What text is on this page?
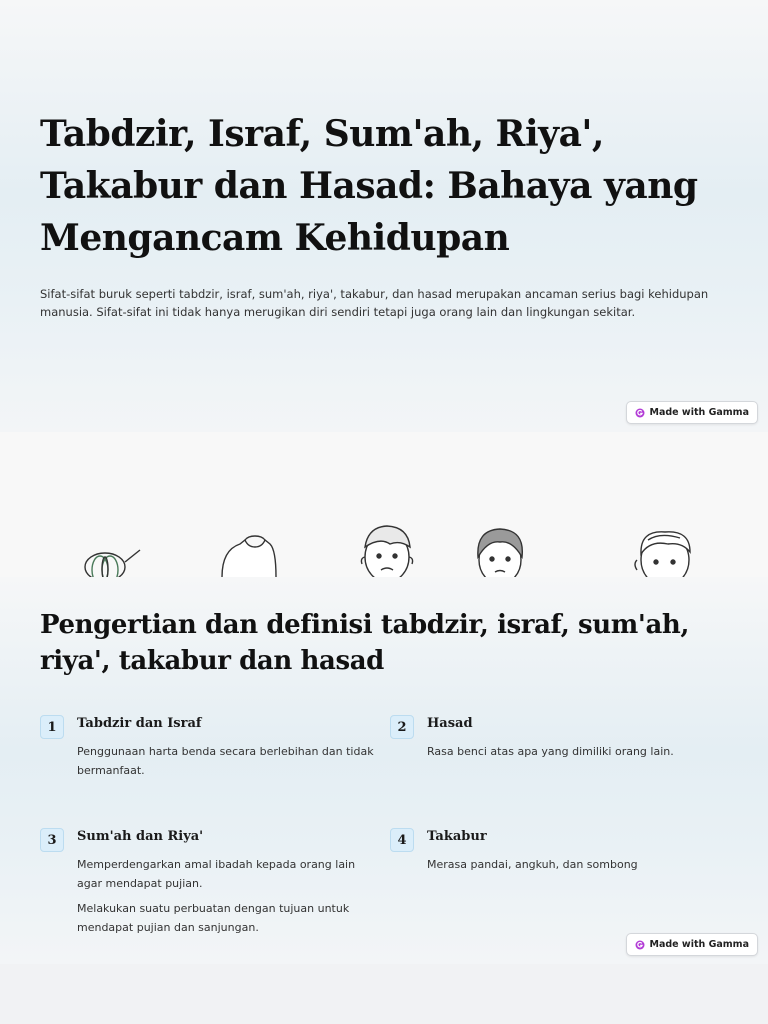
Tabdzir, Israf, Sum'ah, Riya', Takabur dan Hasad: Bahaya yang Mengancam Kehidupan

Sifat-sifat buruk seperti tabdzir, israf, sum'ah, riya', takabur, dan hasad merupakan ancaman serius bagi kehidupan manusia. Sifat-sifat ini tidak hanya merugikan diri sendiri tetapi juga orang lain dan lingkungan sekitar.

Made with Gamma
Pengertian dan definisi tabdzir, israf, sum'ah, riya', takabur dan hasad
1	Tabdzir dan Israf

Penggunaan harta benda secara berlebihan dan tidak bermanfaat.

2	Hasad

Rasa benci atas apa yang dimiliki orang lain.

3	Sum'ah dan Riya'

Memperdengarkan amal ibadah kepada orang lain agar mendapat pujian.

Melakukan suatu perbuatan dengan tujuan untuk mendapat pujian dan sanjungan.

4	Takabur

Merasa pandai, angkuh, dan sombong

Made with Gamma
